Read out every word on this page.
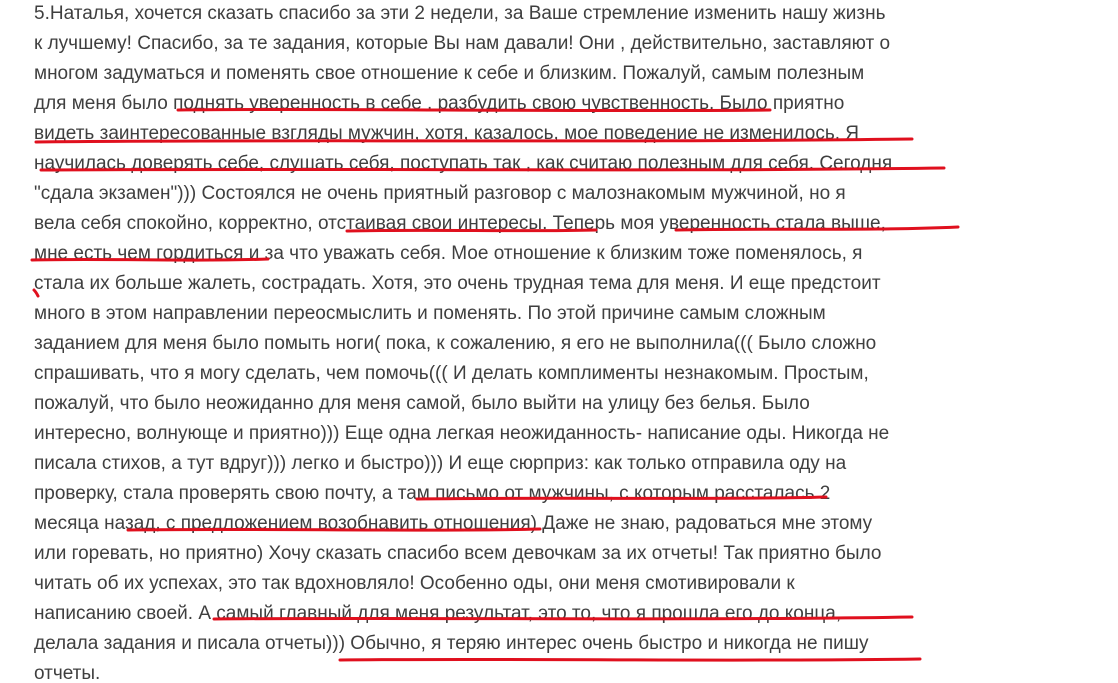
5.Наталья, хочется сказать спасибо за эти 2 недели, за Ваше стремление изменить нашу жизнь
к лучшему! Спасибо, за те задания, которые Вы нам давали! Они , действительно, заставляют о
многом задуматься и поменять свое отношение к себе и близким. Пожалуй, самым полезным
для меня было поднять уверенность в себе , разбудить свою чувственность. Было приятно
видеть заинтересованные взгляды мужчин, хотя, казалось, мое поведение не изменилось. Я
научилась доверять себе, слушать себя, поступать так , как считаю полезным для себя. Сегодня
"сдала экзамен"))) Состоялся не очень приятный разговор с малознакомым мужчиной, но я
вела себя спокойно, корректно, отстаивая свои интересы. Теперь моя уверенность стала выше,
мне есть чем гордиться и за что уважать себя. Мое отношение к близким тоже поменялось, я
стала их больше жалеть, сострадать. Хотя, это очень трудная тема для меня. И еще предстоит
много в этом направлении переосмыслить и поменять. По этой причине самым сложным
заданием для меня было помыть ноги( пока, к сожалению, я его не выполнила((( Было сложно
спрашивать, что я могу сделать, чем помочь((( И делать комплименты незнакомым. Простым,
пожалуй, что было неожиданно для меня самой, было выйти на улицу без белья. Было
интересно, волнующе и приятно))) Еще одна легкая неожиданность- написание оды. Никогда не
писала стихов, а тут вдруг))) легко и быстро))) И еще сюрприз: как только отправила оду на
проверку, стала проверять свою почту, а там письмо от мужчины, с которым рассталась 2
месяца назад, с предложением возобнавить отношения) Даже не знаю, радоваться мне этому
или горевать, но приятно) Хочу сказать спасибо всем девочкам за их отчеты! Так приятно было
читать об их успехах, это так вдохновляло! Особенно оды, они меня смотивировали к
написанию своей. А самый главный для меня результат, это то, что я прошла его до конца,
делала задания и писала отчеты))) Обычно, я теряю интерес очень быстро и никогда не пишу
отчеты.
